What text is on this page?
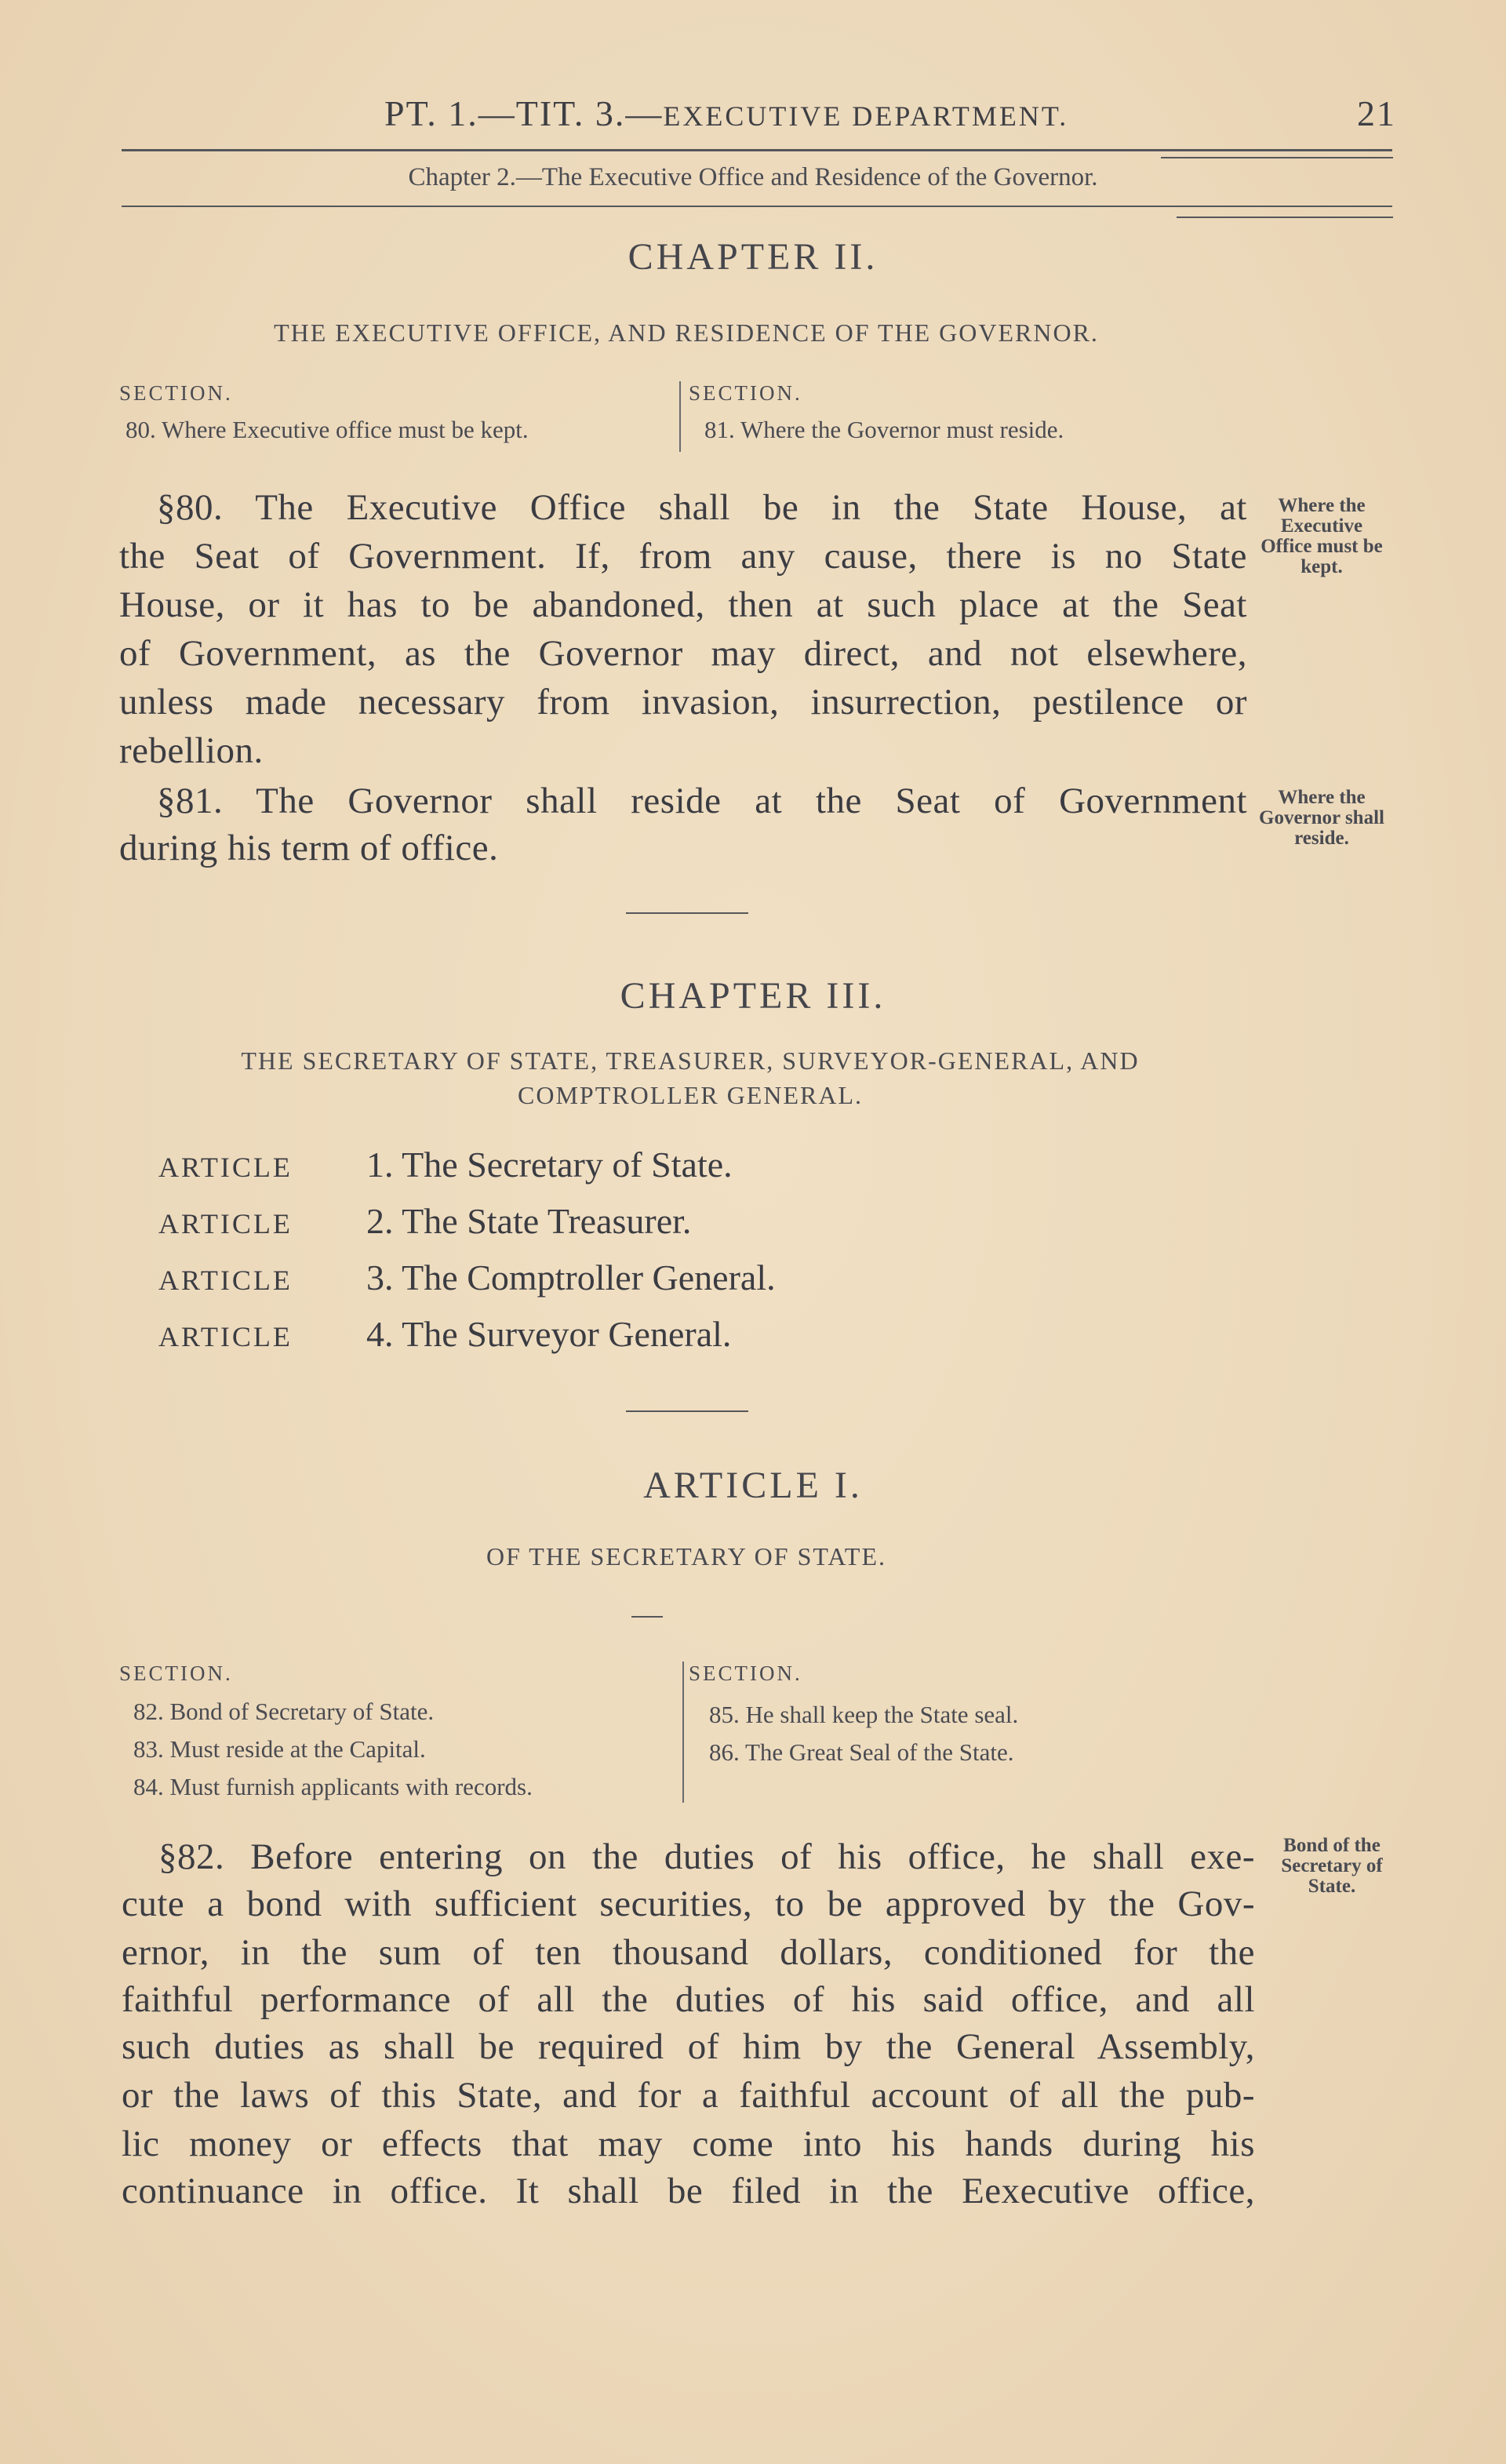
PT. 1.—TIT. 3.—EXECUTIVE DEPARTMENT.	21
Chapter 2.—The Executive Office and Residence of the Governor.
CHAPTER II.
THE EXECUTIVE OFFICE, AND RESIDENCE OF THE GOVERNOR.
SECTION.	SECTION.
80. Where Executive office must be kept.	81. Where the Governor must reside.
§80. The Executive Office shall be in the State House, at
the Seat of Government. If, from any cause, there is no State
House, or it has to be abandoned, then at such place at the Seat
of Government, as the Governor may direct, and not elsewhere,
unless made necessary from invasion, insurrection, pestilence or
rebellion.
Where the Executive Office must be kept.
§81. The Governor shall reside at the Seat of Government
during his term of office.
Where the Governor shall reside.
CHAPTER III.
THE SECRETARY OF STATE, TREASURER, SURVEYOR-GENERAL, AND COMPTROLLER GENERAL.
ARTICLE 1. The Secretary of State.
ARTICLE 2. The State Treasurer.
ARTICLE 3. The Comptroller General.
ARTICLE 4. The Surveyor General.
ARTICLE I.
OF THE SECRETARY OF STATE.
SECTION.	SECTION.
82. Bond of Secretary of State.
83. Must reside at the Capital.
84. Must furnish applicants with records.
85. He shall keep the State seal.
86. The Great Seal of the State.
§82. Before entering on the duties of his office, he shall exe-
cute a bond with sufficient securities, to be approved by the Gov-
ernor, in the sum of ten thousand dollars, conditioned for the
faithful performance of all the duties of his said office, and all
such duties as shall be required of him by the General Assembly,
or the laws of this State, and for a faithful account of all the pub-
lic money or effects that may come into his hands during his
continuance in office. It shall be filed in the Eexecutive office,
Bond of the Secretary of State.
